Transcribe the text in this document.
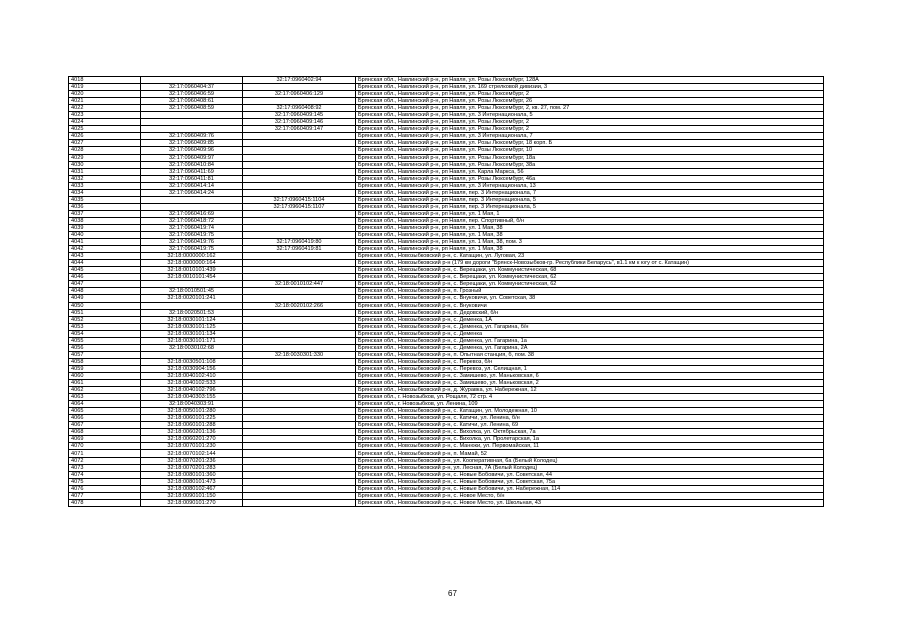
4018		32:17:0960402:94	Брянская обл., Навлинский р-н, рп Навля, ул. Розы Люксембург, 128А
4019	32:17:0960404:37		Брянская обл., Навлинский р-н, рп Навля, ул. 169 стрелковой дивизии, 3
4020	32:17:0960406:59	32:17:0960406:129	Брянская обл., Навлинский р-н, рп Навля, ул. Розы Люксембург, 2
4021	32:17:0960408:61		Брянская обл., Навлинский р-н, рп Навля, ул. Розы Люксембург, 26
4022	32:17:0960408:59	32:17:0960408:92	Брянская обл., Навлинский р-н, рп Навля, ул. Розы Люксембург, 2, кв. 27, пом. 27
4023		32:17:0960409:145	Брянская обл., Навлинский р-н, рп Навля, ул. 3 Интернационала, 5
4024		32:17:0960409:146	Брянская обл., Навлинский р-н, рп Навля, ул. Розы Люксембург, 2
4025		32:17:0960409:147	Брянская обл., Навлинский р-н, рп Навля, ул. Розы Люксембург, 2
4026	32:17:0960409:76		Брянская обл., Навлинский р-н, рп Навля, ул. 3 Интернационала, 7
4027	32:17:0960409:85		Брянская обл., Навлинский р-н, рп Навля, ул. Розы Люксембург, 18 корп. Б
4028	32:17:0960409:96		Брянская обл., Навлинский р-н, рп Навля, ул. Розы Люксембург, 10
4029	32:17:0960409:97		Брянская обл., Навлинский р-н, рп Навля, ул. Розы Люксембург, 18а
4030	32:17:0960410:84		Брянская обл., Навлинский р-н, рп Навля, ул. Розы Люксембург, 38а
4031	32:17:0960411:69		Брянская обл., Навлинский р-н, рп Навля, ул. Карла Маркса, 56
4032	32:17:0960411:81		Брянская обл., Навлинский р-н, рп Навля, ул. Розы Люксембург, 46а
4033	32:17:0960414:14		Брянская обл., Навлинский р-н, рп Навля, ул. 3 Интернационала, 13
4034	32:17:0960414:24		Брянская обл., Навлинский р-н, рп Навля, пер. 3 Интернационала, 7
4035		32:17:0960415:1104	Брянская обл., Навлинский р-н, рп Навля, пер. 3 Интернационала, 5
4036		32:17:0960415:1107	Брянская обл., Навлинский р-н, рп Навля, пер. 3 Интернационала, 5
4037	32:17:0960416:69		Брянская обл., Навлинский р-н, рп Навля, ул. 1 Мая, 1
4038	32:17:0960418:72		Брянская обл., Навлинский р-н, рп Навля, пер. Спортивный, б/н
4039	32:17:0960419:74		Брянская обл., Навлинский р-н, рп Навля, ул. 1 Мая, 38
4040	32:17:0960419:75		Брянская обл., Навлинский р-н, рп Навля, ул. 1 Мая, 38
4041	32:17:0960419:76	32:17:0960419:80	Брянская обл., Навлинский р-н, рп Навля, ул. 1 Мая, 38, пом. 3
4042	32:17:0960419:75	32:17:0960419:81	Брянская обл., Навлинский р-н, рп Навля, ул. 1 Мая, 38
4043	32:18:0000000:162		Брянская обл., Новозыбковский р-н, с. Катащин, ул. Луговая, 23
4044	32:18:0000000:164		Брянская обл., Новозыбковский р-н (179 км дороги "Брянск-Новозыбков-гр. Республики Беларусь", в1.1 км к югу от с. Катащин)
4045	32:18:0010101:439		Брянская обл., Новозыбковский р-н, с. Верещаки, ул. Коммунистическая, 68
4046	32:18:0010101:454		Брянская обл., Новозыбковский р-н, с. Верещаки, ул. Коммунистическая, 62
4047		32:18:0010102:447	Брянская обл., Новозыбковский р-н, с. Верещаки, ул. Коммунистическая, 62
4048	32:18:0010501:45		Брянская обл., Новозыбковский р-н, п. Грозный
4049	32:18:0020101:241		Брянская обл., Новозыбковский р-н, с. Внуковичи, ул. Советская, 38
4050		32:18:0020102:266	Брянская обл., Новозыбковский р-н, с. Внуковичи
4051	32:18:0020501:53		Брянская обл., Новозыбковский р-н, п. Дедовский, б/н
4052	32:18:0030101:124		Брянская обл., Новозыбковский р-н, с. Деменка, 1А
4053	32:18:0030101:125		Брянская обл., Новозыбковский р-н, с. Деменка, ул. Гагарина, б/н
4054	32:18:0030101:134		Брянская обл., Новозыбковский р-н, с. Деменка
4055	32:18:0030101:171		Брянская обл., Новозыбковский р-н, с. Деменка, ул. Гагарина, 1а
4056	32:18:0030102:68		Брянская обл., Новозыбковский р-н, с. Деменка, ул. Гагарина, 2А
4057		32:18:0030301:330	Брянская обл., Новозыбковский р-н, п. Опытная станция, б, пом. 38
4058	32:18:0030501:108		Брянская обл., Новозыбковский р-н, с. Перевоз, б/н
4059	32:18:0030904:156		Брянская обл., Новозыбковский р-н, с. Перевоз, ул. Селищная, 1
4060	32:18:0040102:410		Брянская обл., Новозыбковский р-н, с. Замишево, ул. Маньковская, 6
4061	32:18:0040102:533		Брянская обл., Новозыбковский р-н, с. Замишево, ул. Маньковская, 2
4062	32:18:0040102:796		Брянская обл., Новозыбковский р-н, д. Журавка, ул. Набережная, 12
4063	32:18:0040303:155		Брянская обл., г. Новозыбков, ул. Рощаля, 72 стр. 4
4064	32:18:0040303:91		Брянская обл., г. Новозыбков, ул. Ленина, 109
4065	32:18:0050101:280		Брянская обл., Новозыбковский р-н, с. Катащин, ул. Молодежная, 10
4066	32:18:0060101:225		Брянская обл., Новозыбковский р-н, с. Катичи, ул. Ленина, б/н
4067	32:18:0060101:288		Брянская обл., Новозыбковский р-н, с. Катичи, ул. Ленина, 69
4068	32:18:0060201:136		Брянская обл., Новозыбковский р-н, с. Вихолка, ул. Октябрьская, 7а
4069	32:18:0060201:270		Брянская обл., Новозыбковский р-н, с. Вихолка, ул. Пролетарская, 1а
4070	32:18:0070101:230		Брянская обл., Новозыбковский р-н, с. Манюки, ул. Первомайская, 11
4071	32:18:0070102:144		Брянская обл., Новозыбковский р-н, п. Мамай, 52
4072	32:18:0070201:236		Брянская обл., Новозыбковский р-н, ул. Кооперативная, 6а (Белый Колодец)
4073	32:18:0070201:283		Брянская обл., Новозыбковский р-н, ул. Лесная, 7А (Белый Колодец)
4074	32:18:0080101:360		Брянская обл., Новозыбковский р-н, с. Новые Бобовичи, ул. Советская, 44
4075	32:18:0080101:473		Брянская обл., Новозыбковский р-н, с. Новые Бобовичи, ул. Советская, 75а
4076	32:18:0080102:467		Брянская обл., Новозыбковский р-н, с. Новые Бобовичи, ул. Набережная, 114
4077	32:18:0090101:150		Брянская обл., Новозыбковский р-н, с. Новое Место, б/н
4078	32:18:0090101:270		Брянская обл., Новозыбковский р-н, с. Новое Место, ул. Школьная, 43
67
